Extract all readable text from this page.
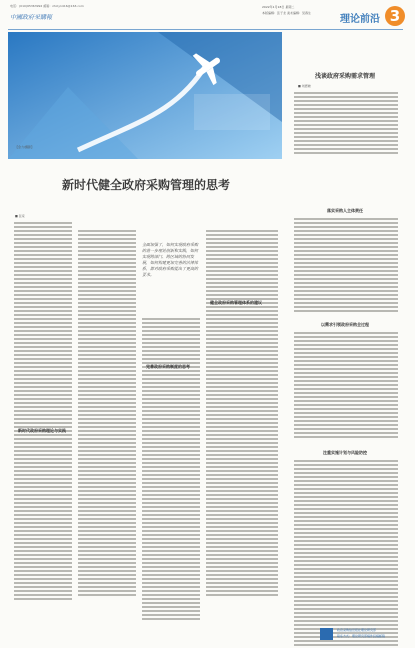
电话：(010)65363992 邮箱：zhcly1416@163.com
中國政府采購報
2022年1月18日 星期二
本版编辑：张子龙 美术编辑：吴春生
理论前沿 3
【金力/摄影】
新时代健全政府采购管理的思考
■ 张家
新时代政府采购理论与实践
全面加强了，如何实现政府采购的进一步理论创新和实践，如何实现跨部门、跨区域的协同发展，如何构建更加完善的法律体系，都对政府采购提出了更高的要求。
完善政府采购制度的思考
健全政府采购管理体系的建议
浅谈政府采购需求管理
■ 刘德晓
落实采购人主体责任
以需求引领政府采购全过程
注重实施计划与风险防控
政府采购信息报社理论研究部
联系方式：理论研究部稿件投稿邮箱
